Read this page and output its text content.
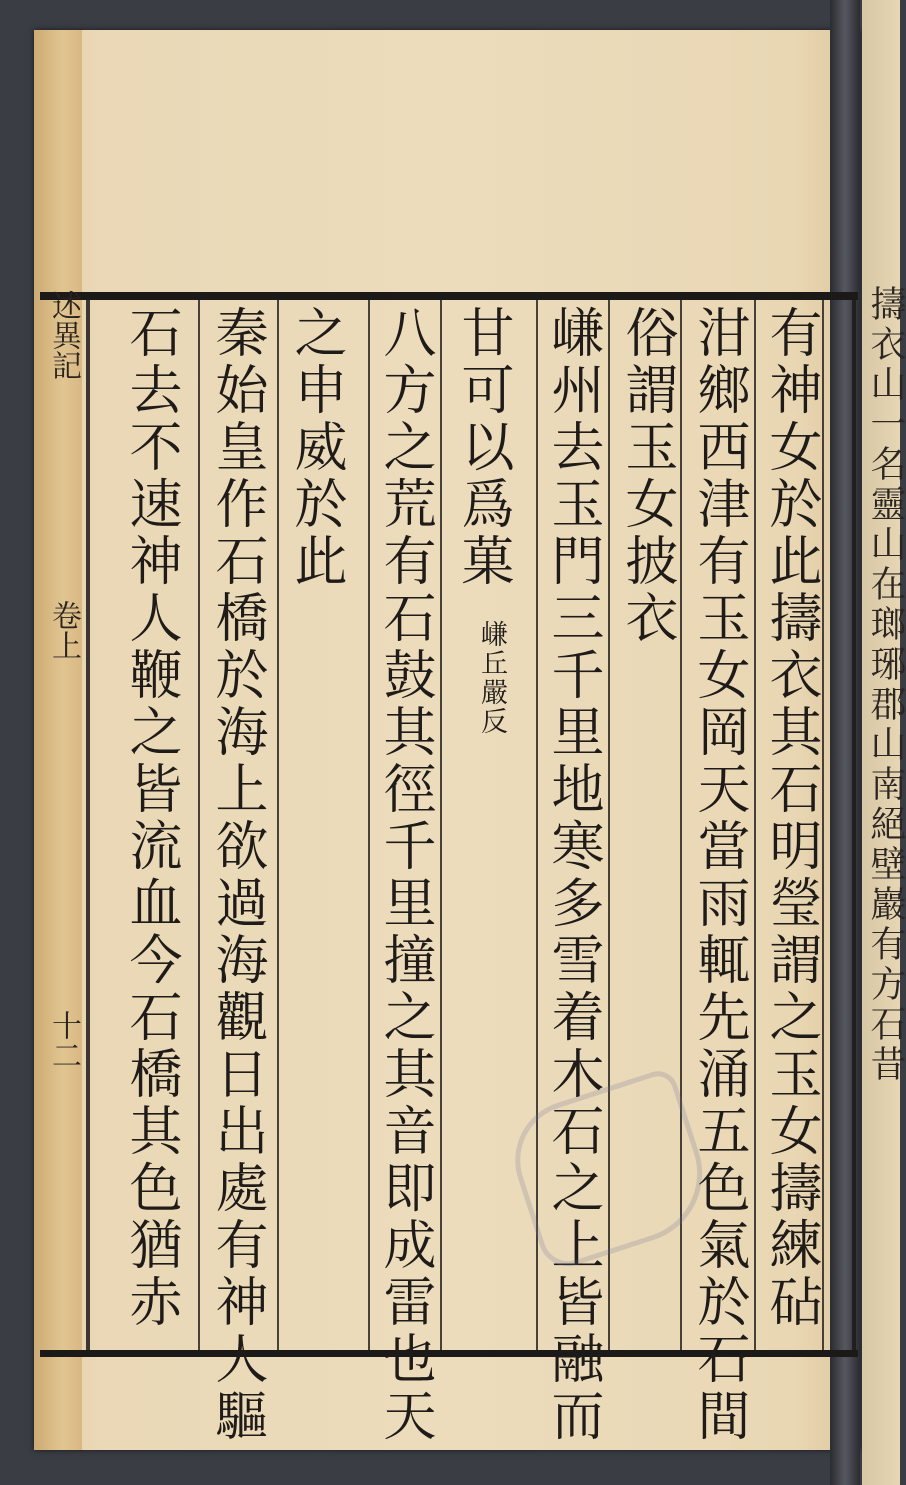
擣衣山一名靈山在瑯琊郡山南絕壁巖有方石昔
有神女於此擣衣其石明瑩謂之玉女擣練砧
泔鄉西津有玉女岡天當雨輒先涌五色氣於石間
俗謂玉女披衣
嵰州去玉門三千里地寒多雪着木石之上皆融而
甘可以爲菓
嵰丘嚴反
八方之荒有石鼓其徑千里撞之其音即成雷也天
之申威於此
秦始皇作石橋於海上欲過海觀日出處有神人驅
石去不速神人鞭之皆流血今石橋其色猶赤
述異記
卷上
十二
